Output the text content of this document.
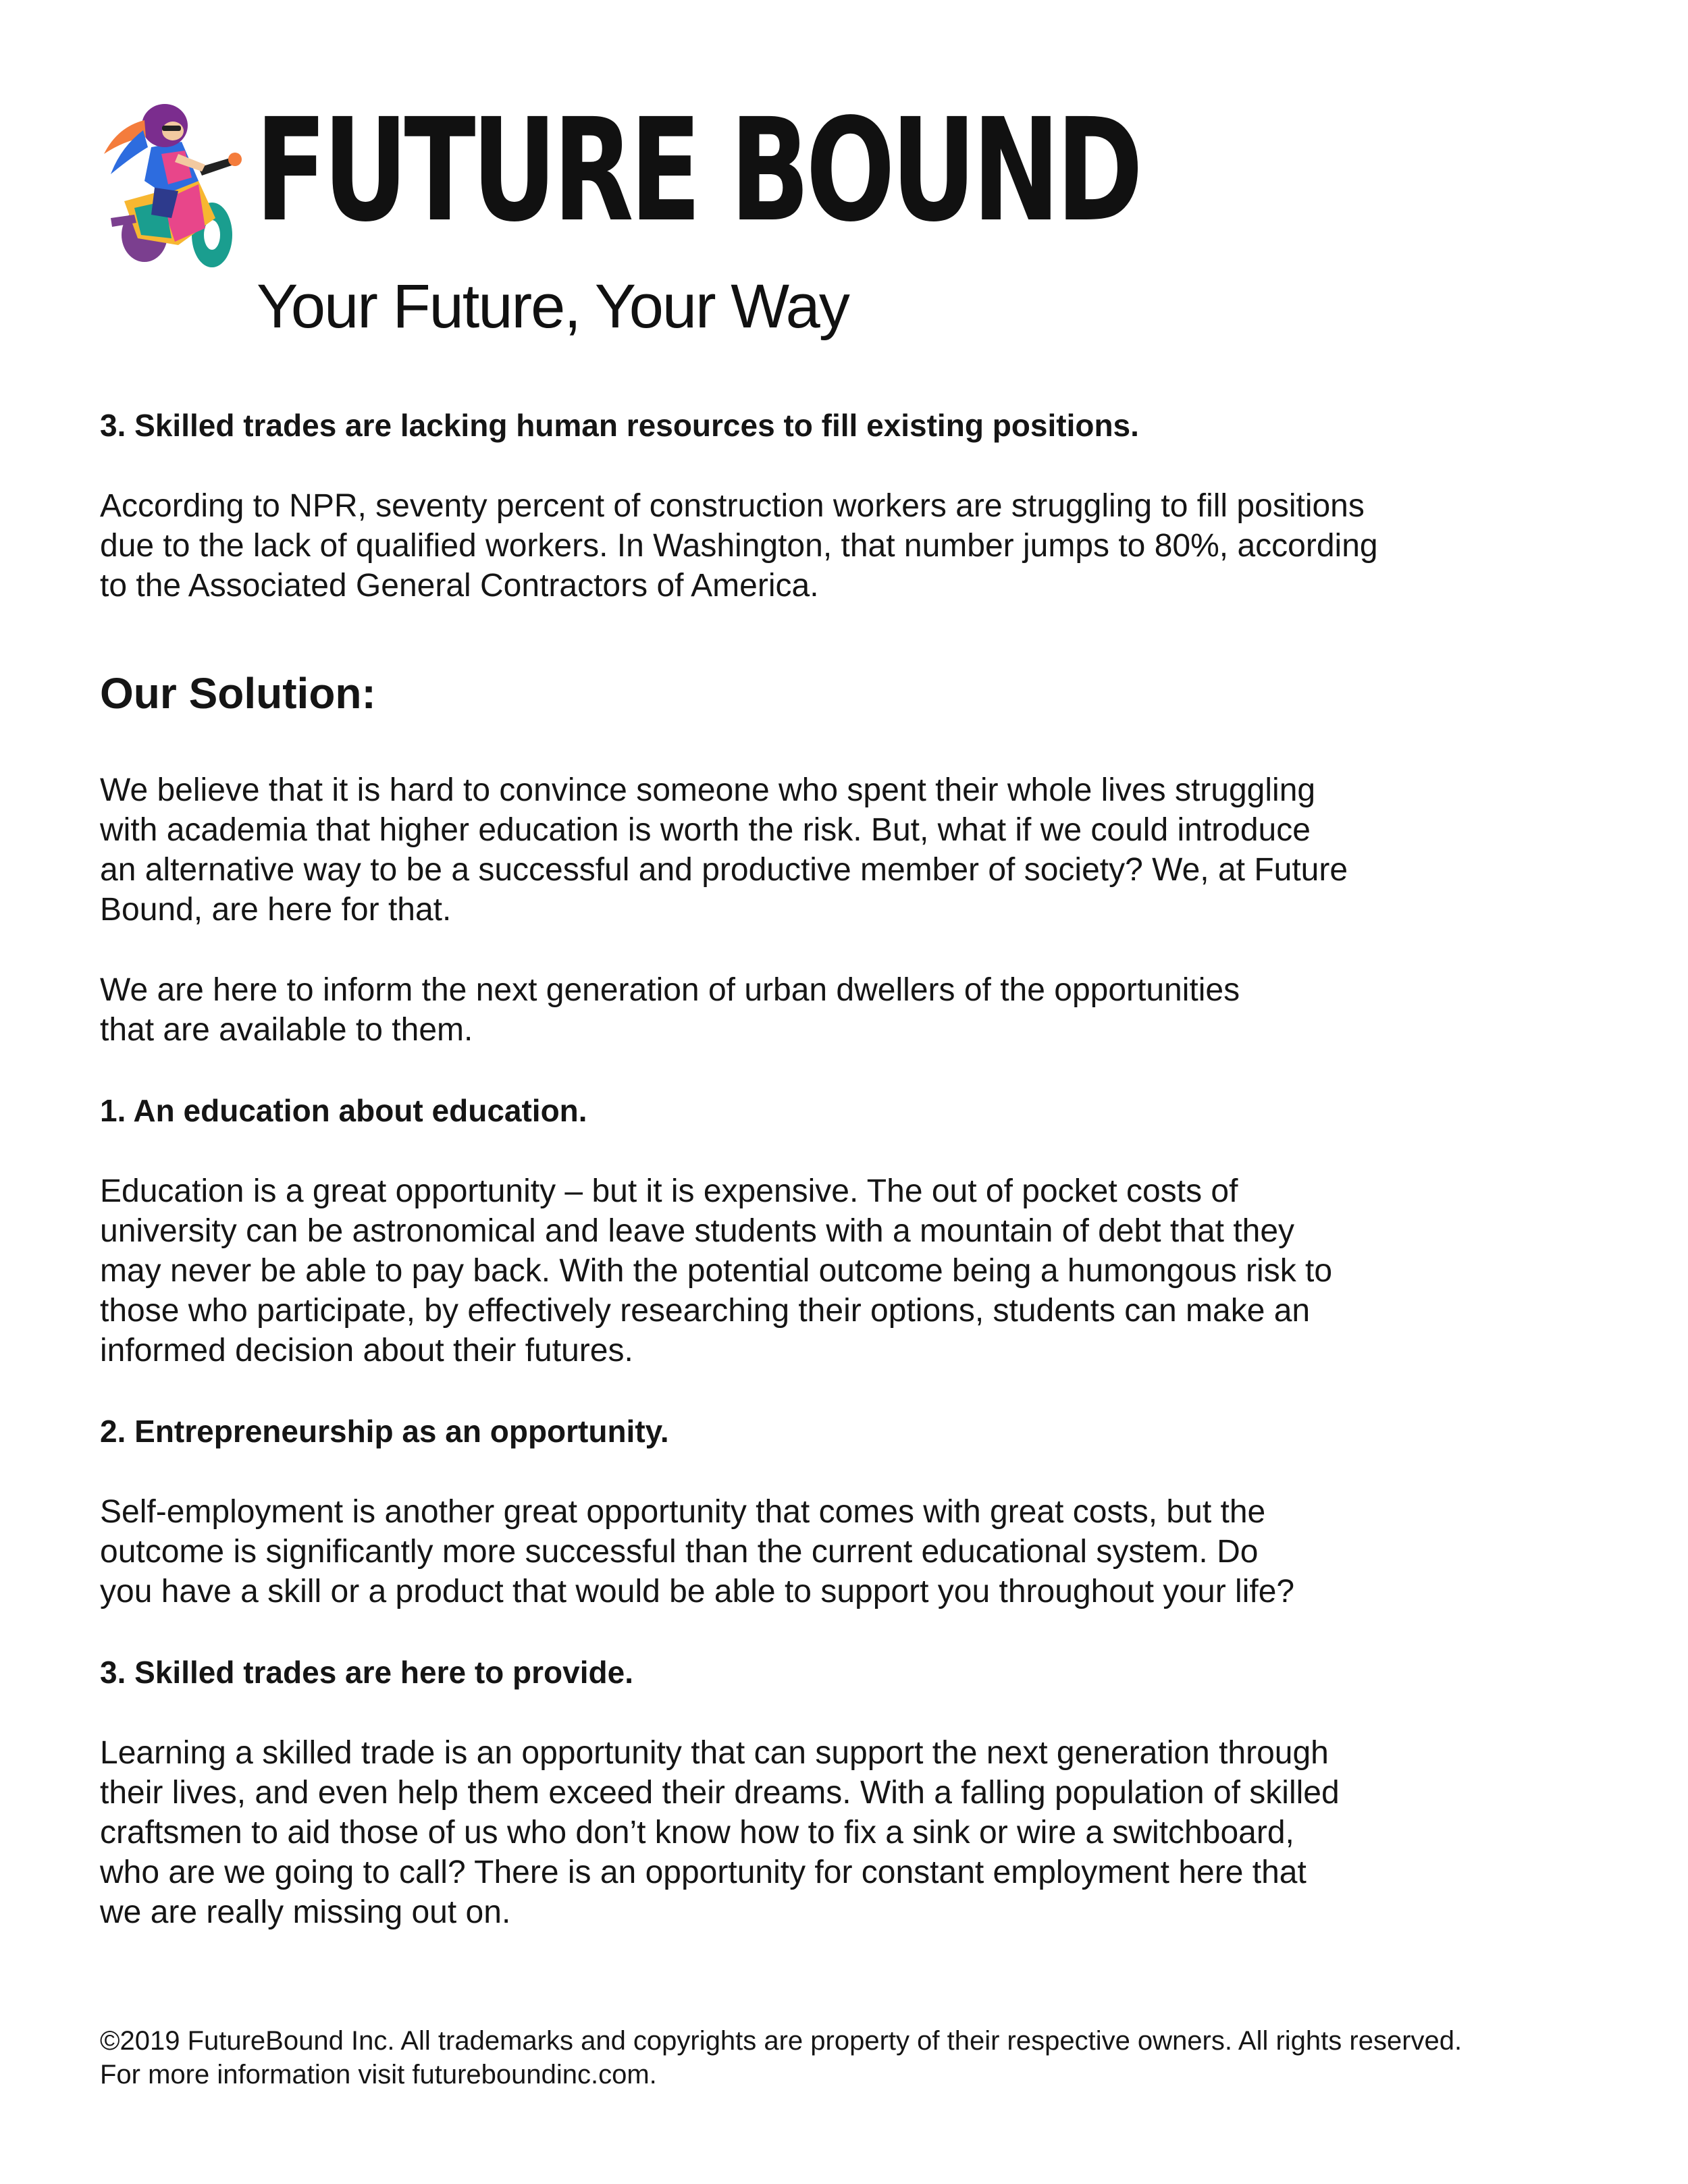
FUTURE BOUND
Your Future, Your Way

3. Skilled trades are lacking human resources to fill existing positions.

According to NPR, seventy percent of construction workers are struggling to fill positions
due to the lack of qualified workers. In Washington, that number jumps to 80%, according
to the Associated General Contractors of America.

Our Solution:

We believe that it is hard to convince someone who spent their whole lives struggling
with academia that higher education is worth the risk. But, what if we could introduce
an alternative way to be a successful and productive member of society? We, at Future
Bound, are here for that.

We are here to inform the next generation of urban dwellers of the opportunities
that are available to them.

1. An education about education.

Education is a great opportunity – but it is expensive. The out of pocket costs of
university can be astronomical and leave students with a mountain of debt that they
may never be able to pay back. With the potential outcome being a humongous risk to
those who participate, by effectively researching their options, students can make an
informed decision about their futures.

2. Entrepreneurship as an opportunity.

Self-employment is another great opportunity that comes with great costs, but the
outcome is significantly more successful than the current educational system. Do
you have a skill or a product that would be able to support you throughout your life?

3. Skilled trades are here to provide.

Learning a skilled trade is an opportunity that can support the next generation through
their lives, and even help them exceed their dreams. With a falling population of skilled
craftsmen to aid those of us who don’t know how to fix a sink or wire a switchboard,
who are we going to call? There is an opportunity for constant employment here that
we are really missing out on.

©2019 FutureBound Inc. All trademarks and copyrights are property of their respective owners. All rights reserved.
For more information visit futureboundinc.com.
